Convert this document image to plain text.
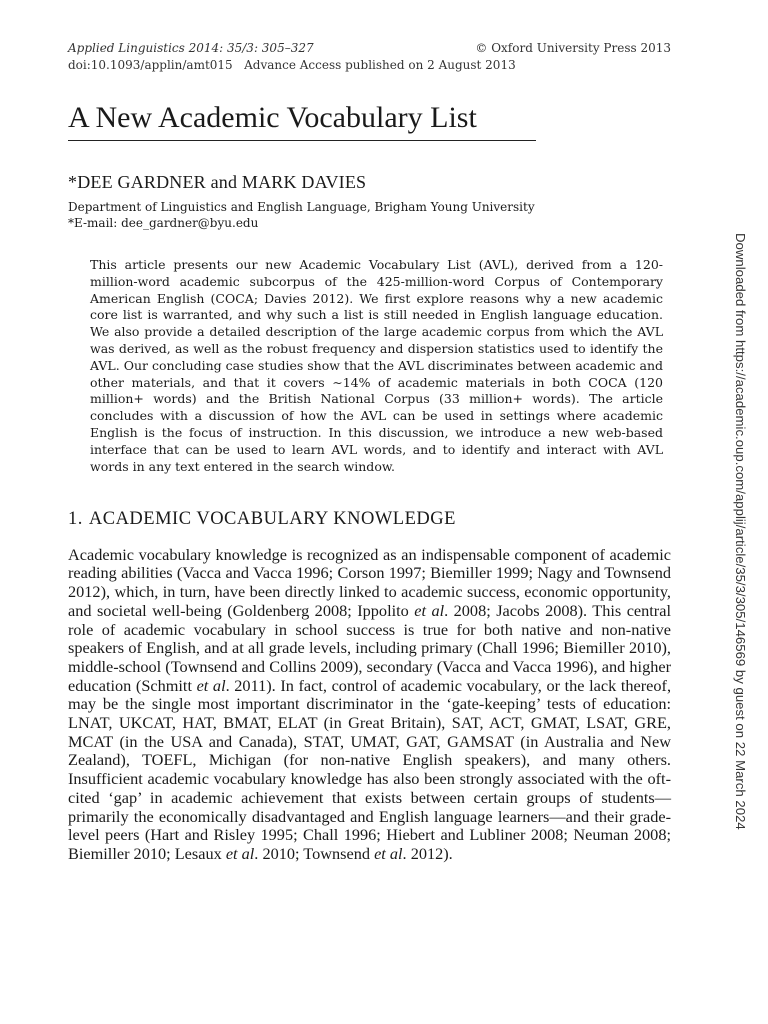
Applied Linguistics 2014: 35/3: 305–327	© Oxford University Press 2013
doi:10.1093/applin/amt015   Advance Access published on 2 August 2013
A New Academic Vocabulary List
*DEE GARDNER and MARK DAVIES
Department of Linguistics and English Language, Brigham Young University
*E-mail: dee_gardner@byu.edu

This article presents our new Academic Vocabulary List (AVL), derived from a 120-million-word academic subcorpus of the 425-million-word Corpus of Contemporary American English (COCA; Davies 2012). We first explore reasons why a new academic core list is warranted, and why such a list is still needed in English language education. We also provide a detailed description of the large academic corpus from which the AVL was derived, as well as the robust frequency and dispersion statistics used to identify the AVL. Our concluding case studies show that the AVL discriminates between academic and other materials, and that it covers ∼14% of academic materials in both COCA (120 million+ words) and the British National Corpus (33 million+ words). The article concludes with a discussion of how the AVL can be used in settings where academic English is the focus of instruction. In this discussion, we introduce a new web-based interface that can be used to learn AVL words, and to identify and interact with AVL words in any text entered in the search window.

1. ACADEMIC VOCABULARY KNOWLEDGE

Academic vocabulary knowledge is recognized as an indispensable component of academic reading abilities (Vacca and Vacca 1996; Corson 1997; Biemiller 1999; Nagy and Townsend 2012), which, in turn, have been directly linked to academic success, economic opportunity, and societal well-being (Goldenberg 2008; Ippolito et al. 2008; Jacobs 2008). This central role of academic vocabulary in school success is true for both native and non-native speakers of English, and at all grade levels, including primary (Chall 1996; Biemiller 2010), middle-school (Townsend and Collins 2009), secondary (Vacca and Vacca 1996), and higher education (Schmitt et al. 2011). In fact, control of academic vocabulary, or the lack thereof, may be the single most important discriminator in the ‘gate-keeping’ tests of education: LNAT, UKCAT, HAT, BMAT, ELAT (in Great Britain), SAT, ACT, GMAT, LSAT, GRE, MCAT (in the USA and Canada), STAT, UMAT, GAT, GAMSAT (in Australia and New Zealand), TOEFL, Michigan (for non-native English speakers), and many others. Insufficient academic vocabulary knowledge has also been strongly associated with the oft-cited ‘gap’ in academic achievement that exists between certain groups of students—primarily the economically disadvantaged and English language learners—and their grade-level peers (Hart and Risley 1995; Chall 1996; Hiebert and Lubliner 2008; Neuman 2008; Biemiller 2010; Lesaux et al. 2010; Townsend et al. 2012).

Downloaded from https://academic.oup.com/applij/article/35/3/305/146569 by guest on 22 March 2024
